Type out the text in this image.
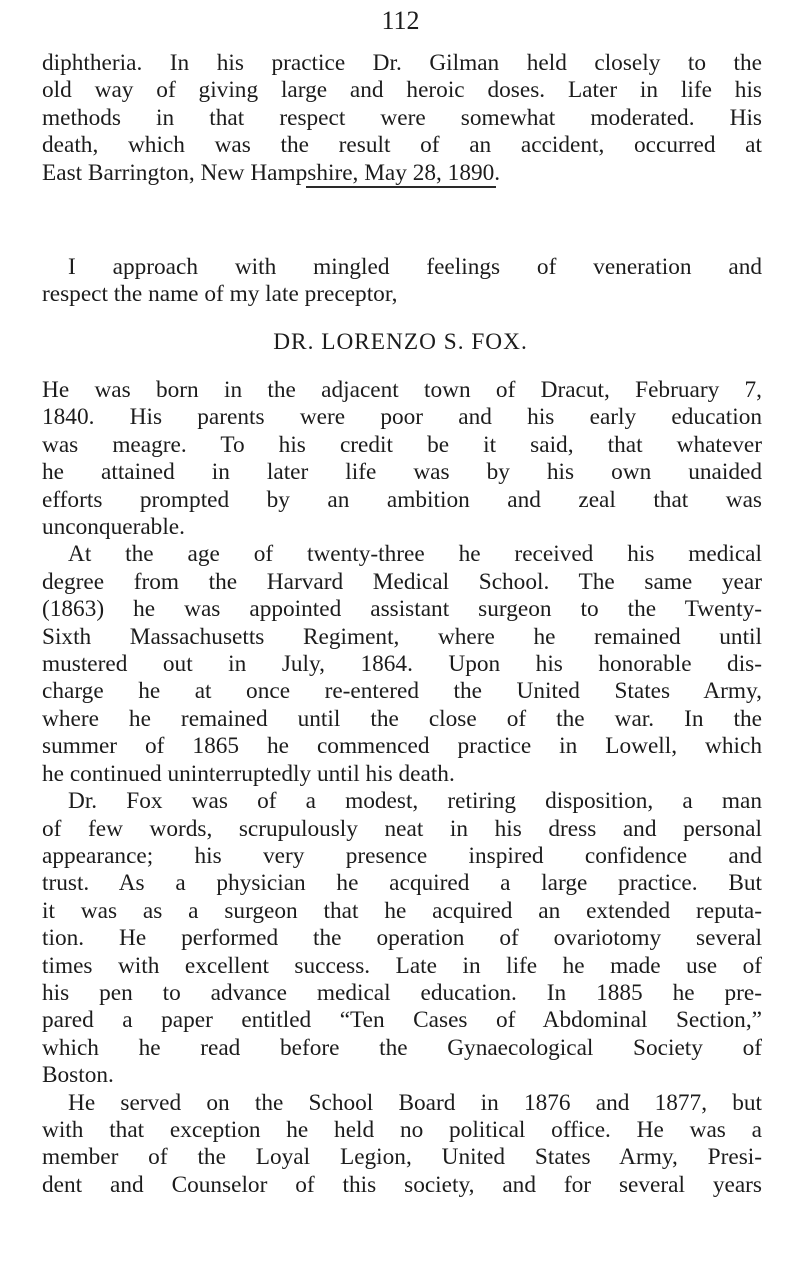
112
diphtheria. In his practice Dr. Gilman held closely to the
old way of giving large and heroic doses. Later in life his
methods in that respect were somewhat moderated. His
death, which was the result of an accident, occurred at
East Barrington, New Hampshire, May 28, 1890.
I approach with mingled feelings of veneration and
respect the name of my late preceptor,
DR. LORENZO S. FOX.
He was born in the adjacent town of Dracut, February 7,
1840. His parents were poor and his early education
was meagre. To his credit be it said, that whatever
he attained in later life was by his own unaided
efforts prompted by an ambition and zeal that was
unconquerable.
At the age of twenty-three he received his medical
degree from the Harvard Medical School. The same year
(1863) he was appointed assistant surgeon to the Twenty-
Sixth Massachusetts Regiment, where he remained until
mustered out in July, 1864. Upon his honorable dis-
charge he at once re-entered the United States Army,
where he remained until the close of the war. In the
summer of 1865 he commenced practice in Lowell, which
he continued uninterruptedly until his death.
Dr. Fox was of a modest, retiring disposition, a man
of few words, scrupulously neat in his dress and personal
appearance; his very presence inspired confidence and
trust. As a physician he acquired a large practice. But
it was as a surgeon that he acquired an extended reputa-
tion. He performed the operation of ovariotomy several
times with excellent success. Late in life he made use of
his pen to advance medical education. In 1885 he pre-
pared a paper entitled “Ten Cases of Abdominal Section,”
which he read before the Gynaecological Society of
Boston.
He served on the School Board in 1876 and 1877, but
with that exception he held no political office. He was a
member of the Loyal Legion, United States Army, Presi-
dent and Counselor of this society, and for several years
